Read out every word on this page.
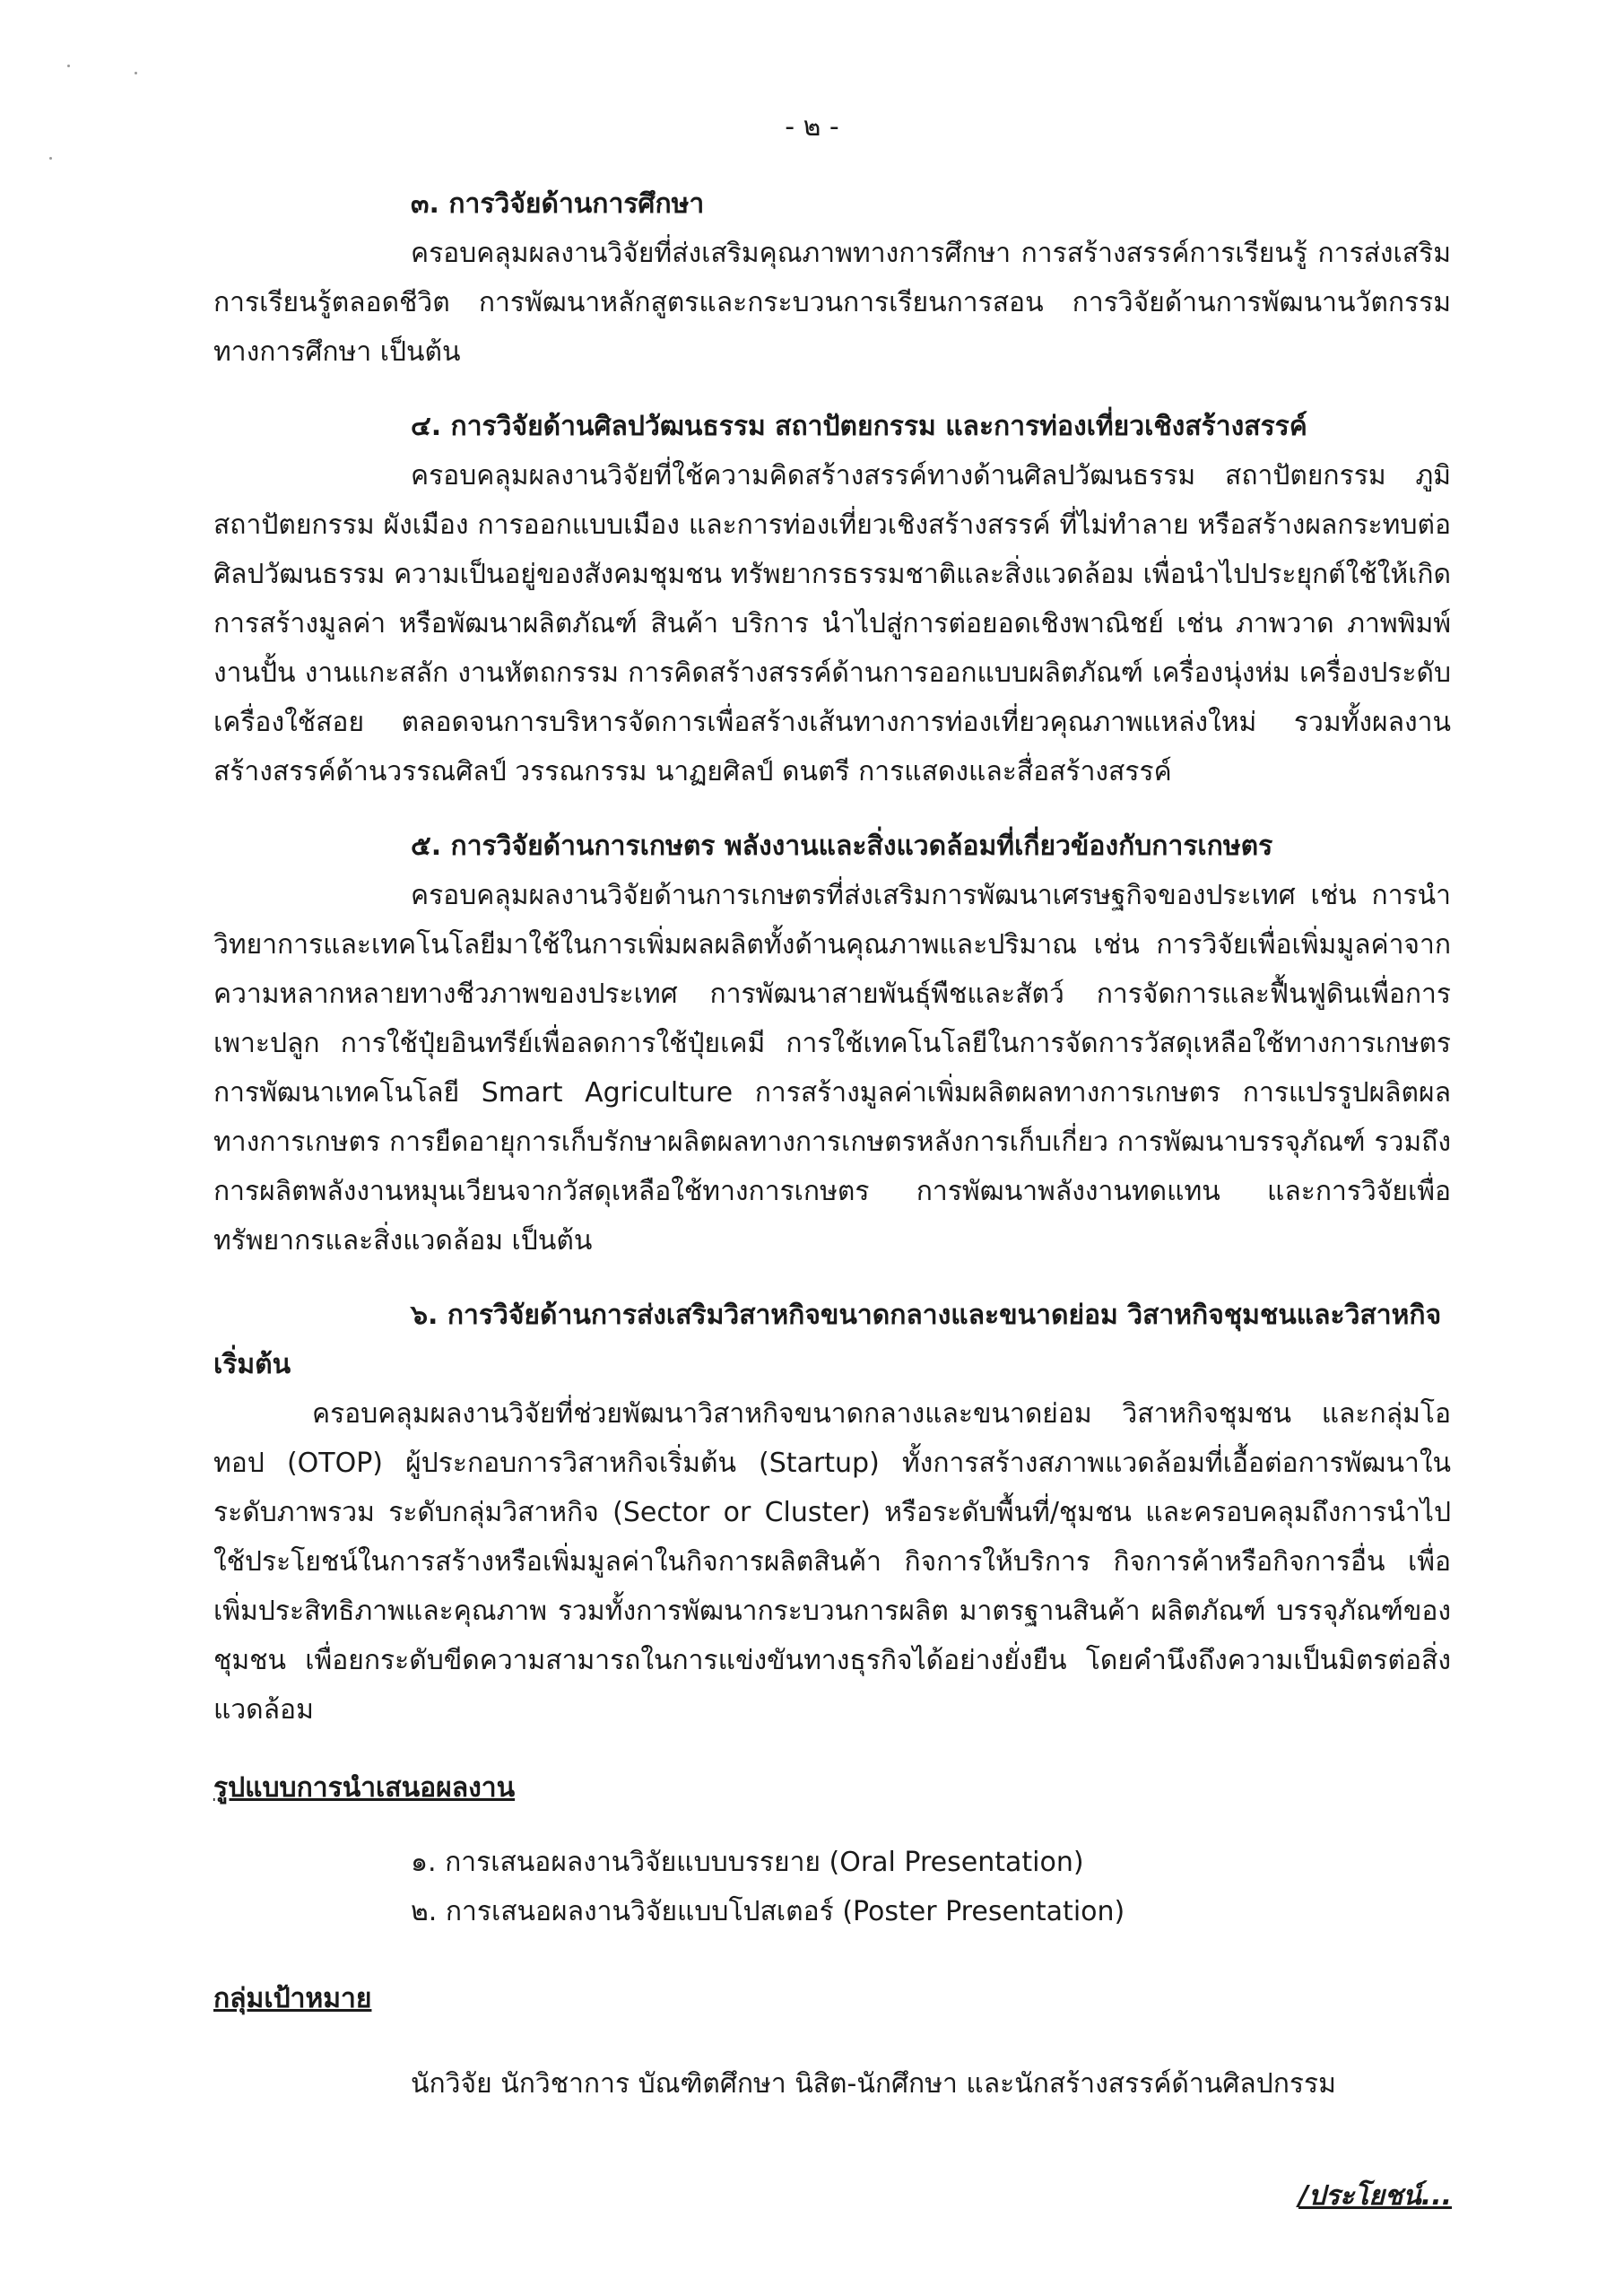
- ๒ -

๓. การวิจัยด้านการศึกษา

ครอบคลุมผลงานวิจัยที่ส่งเสริมคุณภาพทางการศึกษา การสร้างสรรค์การเรียนรู้ การส่งเสริมการเรียนรู้ตลอดชีวิต การพัฒนาหลักสูตรและกระบวนการเรียนการสอน การวิจัยด้านการพัฒนานวัตกรรมทางการศึกษา เป็นต้น

๔. การวิจัยด้านศิลปวัฒนธรรม สถาปัตยกรรม และการท่องเที่ยวเชิงสร้างสรรค์

ครอบคลุมผลงานวิจัยที่ใช้ความคิดสร้างสรรค์ทางด้านศิลปวัฒนธรรม สถาปัตยกรรม ภูมิสถาปัตยกรรม ผังเมือง การออกแบบเมือง และการท่องเที่ยวเชิงสร้างสรรค์ ที่ไม่ทำลาย หรือสร้างผลกระทบต่อศิลปวัฒนธรรม ความเป็นอยู่ของสังคมชุมชน ทรัพยากรธรรมชาติและสิ่งแวดล้อม เพื่อนำไปประยุกต์ใช้ให้เกิดการสร้างมูลค่า หรือพัฒนาผลิตภัณฑ์ สินค้า บริการ นำไปสู่การต่อยอดเชิงพาณิชย์ เช่น ภาพวาด ภาพพิมพ์ งานปั้น งานแกะสลัก งานหัตถกรรม การคิดสร้างสรรค์ด้านการออกแบบผลิตภัณฑ์ เครื่องนุ่งห่ม เครื่องประดับ เครื่องใช้สอย ตลอดจนการบริหารจัดการเพื่อสร้างเส้นทางการท่องเที่ยวคุณภาพแหล่งใหม่ รวมทั้งผลงานสร้างสรรค์ด้านวรรณศิลป์ วรรณกรรม นาฏยศิลป์ ดนตรี การแสดงและสื่อสร้างสรรค์

๕. การวิจัยด้านการเกษตร พลังงานและสิ่งแวดล้อมที่เกี่ยวข้องกับการเกษตร

ครอบคลุมผลงานวิจัยด้านการเกษตรที่ส่งเสริมการพัฒนาเศรษฐกิจของประเทศ เช่น การนำวิทยาการและเทคโนโลยีมาใช้ในการเพิ่มผลผลิตทั้งด้านคุณภาพและปริมาณ เช่น การวิจัยเพื่อเพิ่มมูลค่าจากความหลากหลายทางชีวภาพของประเทศ การพัฒนาสายพันธุ์พืชและสัตว์ การจัดการและฟื้นฟูดินเพื่อการเพาะปลูก การใช้ปุ๋ยอินทรีย์เพื่อลดการใช้ปุ๋ยเคมี การใช้เทคโนโลยีในการจัดการวัสดุเหลือใช้ทางการเกษตร การพัฒนาเทคโนโลยี Smart Agriculture การสร้างมูลค่าเพิ่มผลิตผลทางการเกษตร การแปรรูปผลิตผลทางการเกษตร การยืดอายุการเก็บรักษาผลิตผลทางการเกษตรหลังการเก็บเกี่ยว การพัฒนาบรรจุภัณฑ์ รวมถึง การผลิตพลังงานหมุนเวียนจากวัสดุเหลือใช้ทางการเกษตร การพัฒนาพลังงานทดแทน และการวิจัยเพื่อทรัพยากรและสิ่งแวดล้อม เป็นต้น

๖. การวิจัยด้านการส่งเสริมวิสาหกิจขนาดกลางและขนาดย่อม วิสาหกิจชุมชนและวิสาหกิจเริ่มต้น

ครอบคลุมผลงานวิจัยที่ช่วยพัฒนาวิสาหกิจขนาดกลางและขนาดย่อม วิสาหกิจชุมชน และกลุ่มโอทอป (OTOP) ผู้ประกอบการวิสาหกิจเริ่มต้น (Startup) ทั้งการสร้างสภาพแวดล้อมที่เอื้อต่อการพัฒนาในระดับภาพรวม ระดับกลุ่มวิสาหกิจ (Sector or Cluster) หรือระดับพื้นที่/ชุมชน และครอบคลุมถึงการนำไปใช้ประโยชน์ในการสร้างหรือเพิ่มมูลค่าในกิจการผลิตสินค้า กิจการให้บริการ กิจการค้าหรือกิจการอื่น เพื่อเพิ่มประสิทธิภาพและคุณภาพ รวมทั้งการพัฒนากระบวนการผลิต มาตรฐานสินค้า ผลิตภัณฑ์ บรรจุภัณฑ์ของชุมชน เพื่อยกระดับขีดความสามารถในการแข่งขันทางธุรกิจได้อย่างยั่งยืน โดยคำนึงถึงความเป็นมิตรต่อสิ่งแวดล้อม

รูปแบบการนำเสนอผลงาน

๑. การเสนอผลงานวิจัยแบบบรรยาย (Oral Presentation)

๒. การเสนอผลงานวิจัยแบบโปสเตอร์ (Poster Presentation)

กลุ่มเป้าหมาย

นักวิจัย นักวิชาการ บัณฑิตศึกษา นิสิต-นักศึกษา และนักสร้างสรรค์ด้านศิลปกรรม

/ประโยชน์...
